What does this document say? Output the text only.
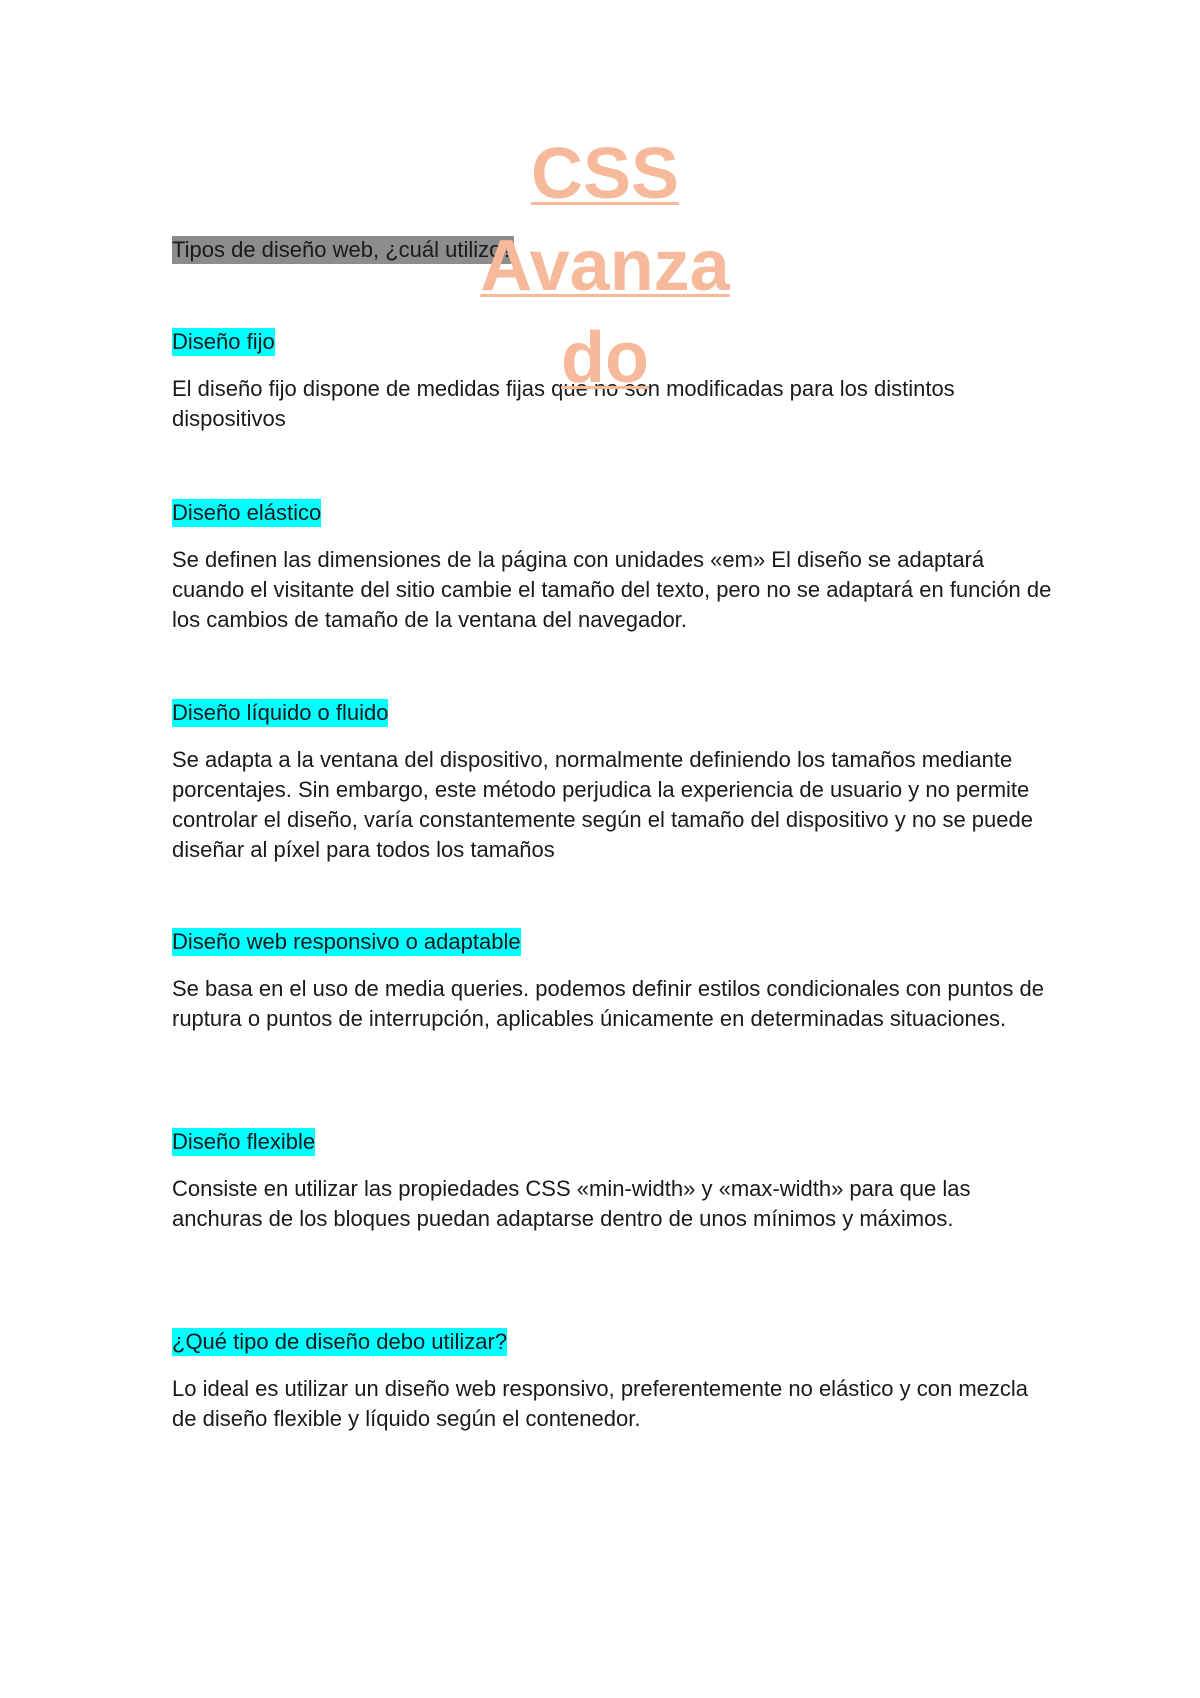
CSS
Avanza
do

Tipos de diseño web, ¿cuál utilizo?

Diseño fijo

El diseño fijo dispone de medidas fijas que no son modificadas para los distintos dispositivos

Diseño elástico

Se definen las dimensiones de la página con unidades «em» El diseño se adaptará cuando el visitante del sitio cambie el tamaño del texto, pero no se adaptará en función de los cambios de tamaño de la ventana del navegador.

Diseño líquido o fluido

Se adapta a la ventana del dispositivo, normalmente definiendo los tamaños mediante porcentajes. Sin embargo, este método perjudica la experiencia de usuario y no permite controlar el diseño, varía constantemente según el tamaño del dispositivo y no se puede diseñar al píxel para todos los tamaños

Diseño web responsivo o adaptable

Se basa en el uso de media queries. podemos definir estilos condicionales con puntos de ruptura o puntos de interrupción, aplicables únicamente en determinadas situaciones.

Diseño flexible

Consiste en utilizar las propiedades CSS «min-width» y «max-width» para que las anchuras de los bloques puedan adaptarse dentro de unos mínimos y máximos.

¿Qué tipo de diseño debo utilizar?

Lo ideal es utilizar un diseño web responsivo, preferentemente no elástico y con mezcla de diseño flexible y líquido según el contenedor.
